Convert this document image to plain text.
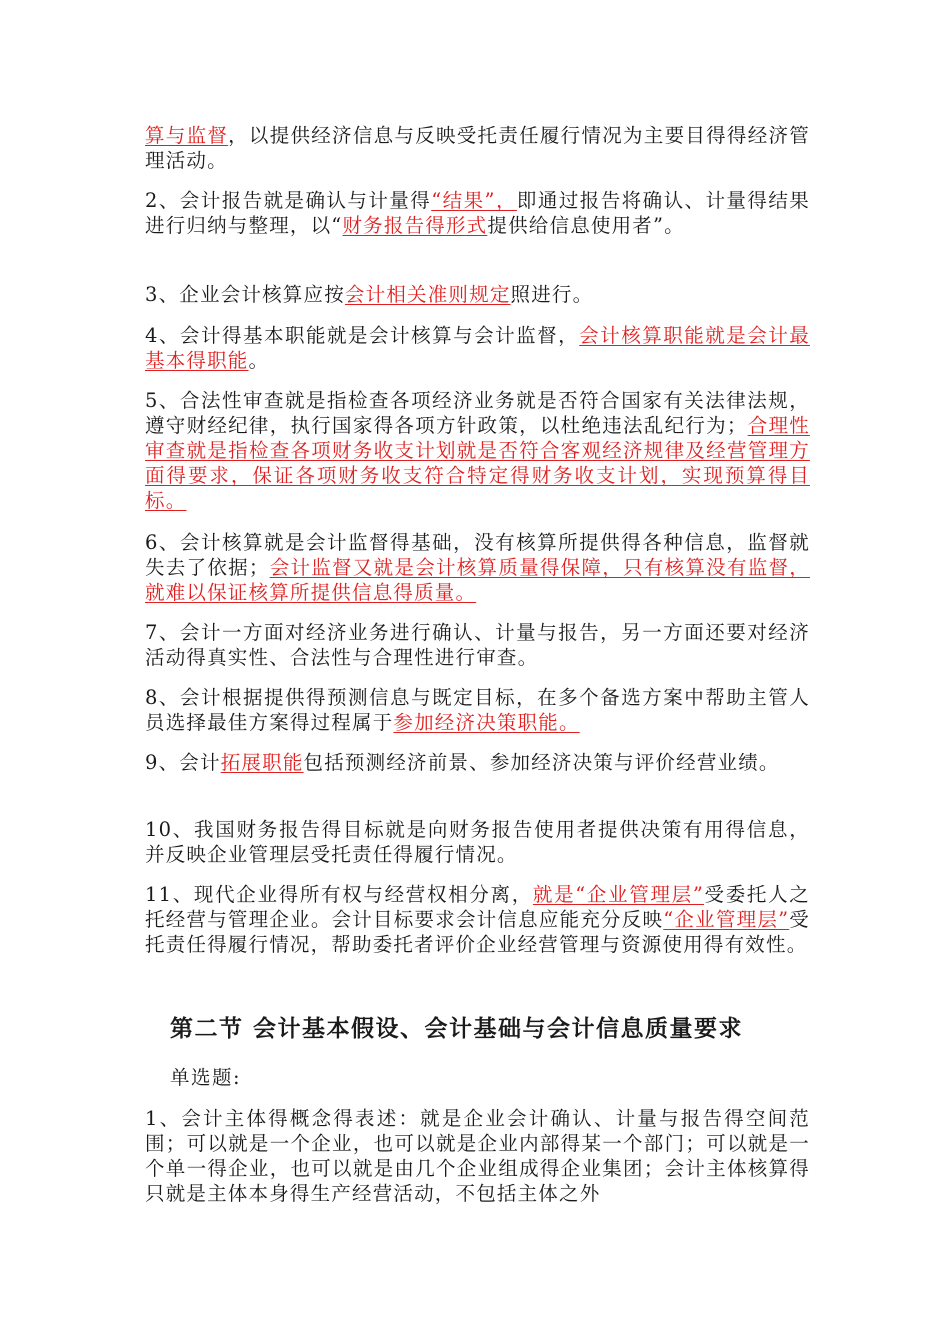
算与监督，以提供经济信息与反映受托责任履行情况为主要目得得经济管理活动。

2、会计报告就是确认与计量得“结果”，即通过报告将确认、计量得结果进行归纳与整理，以“财务报告得形式提供给信息使用者”。

3、企业会计核算应按会计相关准则规定照进行。

4、会计得基本职能就是会计核算与会计监督，会计核算职能就是会计最基本得职能。

5、合法性审查就是指检查各项经济业务就是否符合国家有关法律法规，遵守财经纪律，执行国家得各项方针政策，以杜绝违法乱纪行为；合理性审查就是指检查各项财务收支计划就是否符合客观经济规律及经营管理方面得要求，保证各项财务收支符合特定得财务收支计划，实现预算得目标。

6、会计核算就是会计监督得基础，没有核算所提供得各种信息，监督就失去了依据；会计监督又就是会计核算质量得保障，只有核算没有监督，就难以保证核算所提供信息得质量。

7、会计一方面对经济业务进行确认、计量与报告，另一方面还要对经济活动得真实性、合法性与合理性进行审查。

8、会计根据提供得预测信息与既定目标，在多个备选方案中帮助主管人员选择最佳方案得过程属于参加经济决策职能。

9、会计拓展职能包括预测经济前景、参加经济决策与评价经营业绩。

10、我国财务报告得目标就是向财务报告使用者提供决策有用得信息，并反映企业管理层受托责任得履行情况。

11、现代企业得所有权与经营权相分离，就是“企业管理层”受委托人之托经营与管理企业。会计目标要求会计信息应能充分反映“企业管理层”受托责任得履行情况，帮助委托者评价企业经营管理与资源使用得有效性。

第二节 会计基本假设、会计基础与会计信息质量要求

单选题:

1、会计主体得概念得表述：就是企业会计确认、计量与报告得空间范围；可以就是一个企业，也可以就是企业内部得某一个部门；可以就是一个单一得企业，也可以就是由几个企业组成得企业集团；会计主体核算得只就是主体本身得生产经营活动，不包括主体之外
